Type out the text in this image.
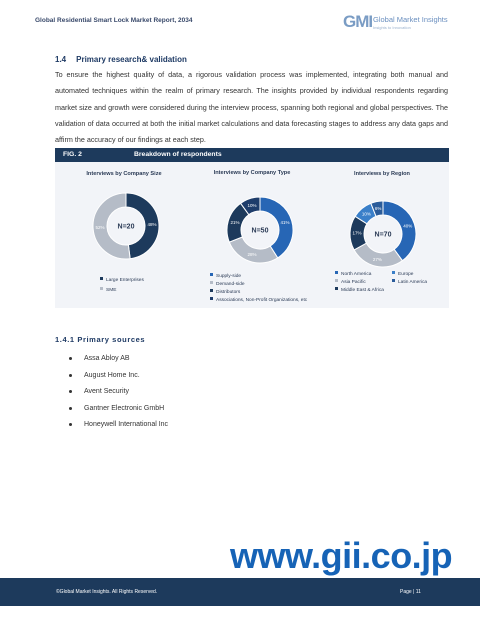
Global Residential Smart Lock Market Report, 2034	GMI Global Market Insights
Insights to Innovation
1.4 Primary research& validation

To ensure the highest quality of data, a rigorous validation process was implemented, integrating both manual and automated techniques within the realm of primary research. The insights provided by individual respondents regarding market size and growth were considered during the interview process, spanning both regional and global perspectives. The validation of data occurred at both the initial market calculations and data forecasting stages to address any data gaps and affirm the accuracy of our findings at each step.

FIG. 2	Breakdown of respondents
Interviews by Company Size	Interviews by Company Type	Interviews by Region
48%
52% N=20
41%
28%
21%
10%
N=50
40%
27%
17%
10%
6%
N=70
Large Enterprises
SME
Supply-side
Demand-side
Distributors
Associations, Non-Profit Organizations, etc
North America	Europe
Asia Pacific	Latin America
Middle East & Africa
1.4.1 Primary sources
Assa Abloy AB
August Home Inc.
Avent Security
Gantner Electronic GmbH
Honeywell International Inc
www.gii.co.jp
©Global Market Insights. All Rights Reserved.	Page | 11
